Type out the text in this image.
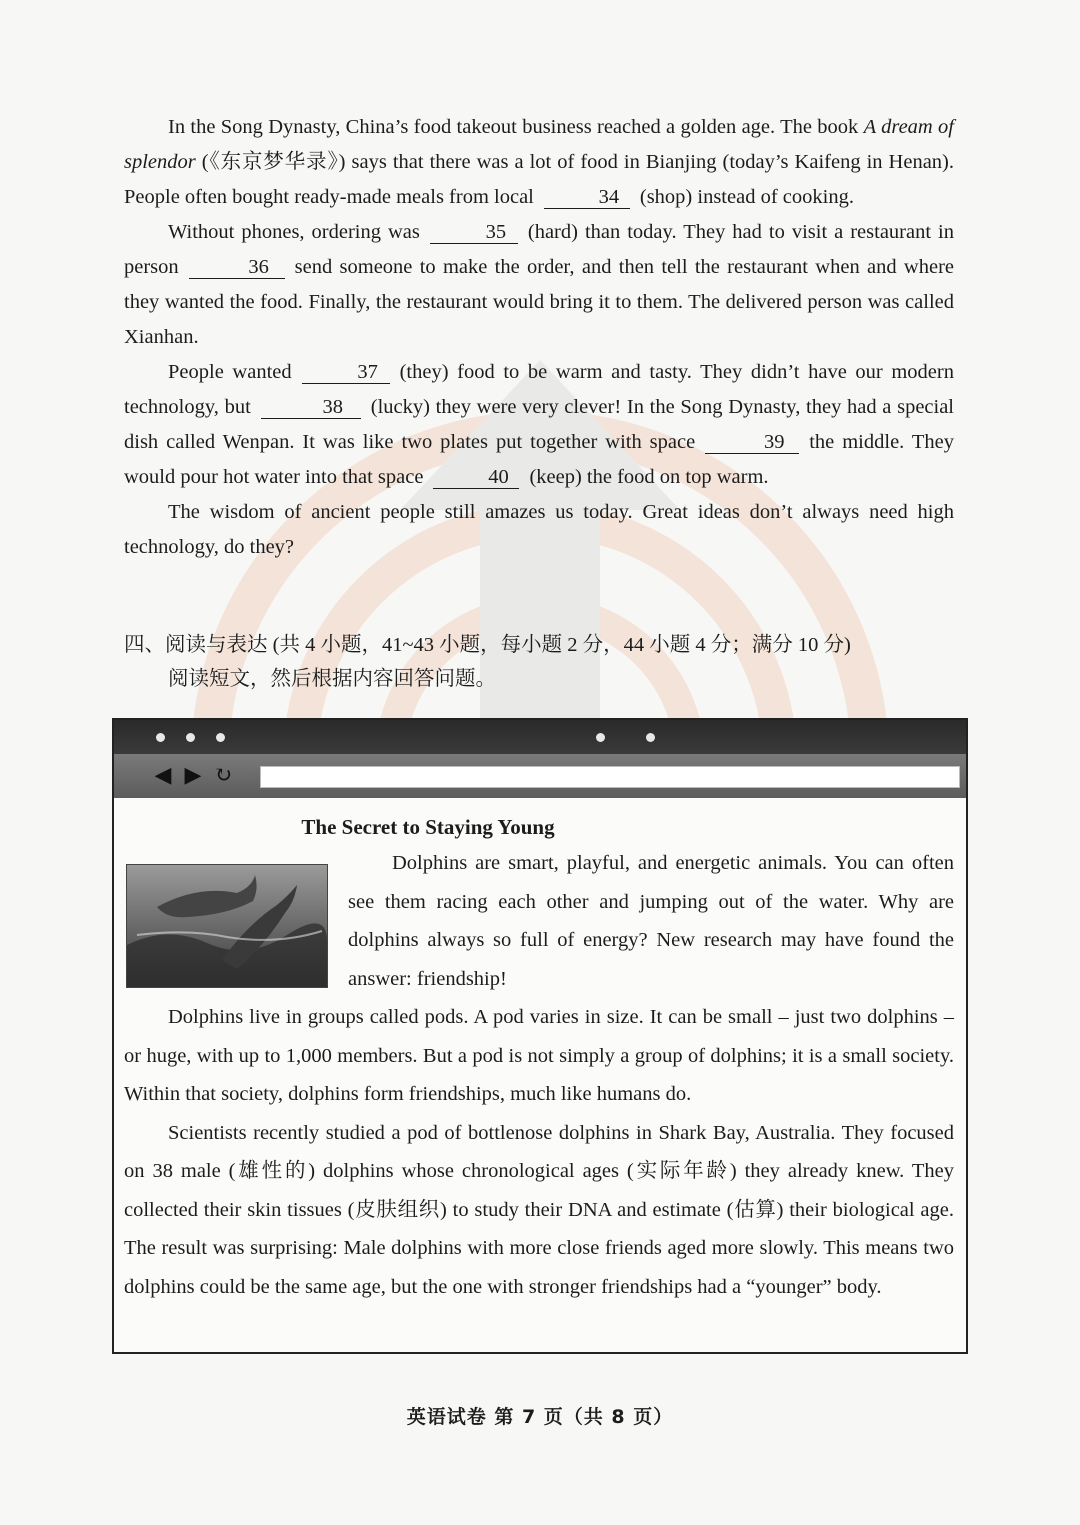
In the Song Dynasty, China’s food takeout business reached a golden age. The book A dream of splendor (《东京梦华录》) says that there was a lot of food in Bianjing (today’s Kaifeng in Henan). People often bought ready-made meals from local	34 (shop) instead of cooking.

Without phones, ordering was	35 (hard) than today. They had to visit a restaurant in person	36 send someone to make the order, and then tell the restaurant when and where they wanted the food. Finally, the restaurant would bring it to them. The delivered person was called Xianhan.

People wanted	37 (they) food to be warm and tasty. They didn’t have our modern technology, but	38 (lucky) they were very clever! In the Song Dynasty, they had a special dish called Wenpan. It was like two plates put together with space	39 the middle. They would pour hot water into that space	40 (keep) the food on top warm.

The wisdom of ancient people still amazes us today. Great ideas don’t always need high technology, do they?

四、阅读与表达 (共 4 小题，41~43 小题，每小题 2 分，44 小题 4 分；满分 10 分)
阅读短文，然后根据内容回答问题。
◀ ▶ ↻
The Secret to Staying Young

Dolphins are smart, playful, and energetic animals. You can often see them racing each other and jumping out of the water. Why are dolphins always so full of energy? New research may have found the answer: friendship!

Dolphins live in groups called pods. A pod varies in size. It can be small – just two dolphins – or huge, with up to 1,000 members. But a pod is not simply a group of dolphins; it is a small society. Within that society, dolphins form friendships, much like humans do.

Scientists recently studied a pod of bottlenose dolphins in Shark Bay, Australia. They focused on 38 male (雄性的) dolphins whose chronological ages (实际年龄) they already knew. They collected their skin tissues (皮肤组织) to study their DNA and estimate (估算) their biological age. The result was surprising: Male dolphins with more close friends aged more slowly. This means two dolphins could be the same age, but the one with stronger friendships had a “younger” body.

英语试卷 第 7 页（共 8 页）
